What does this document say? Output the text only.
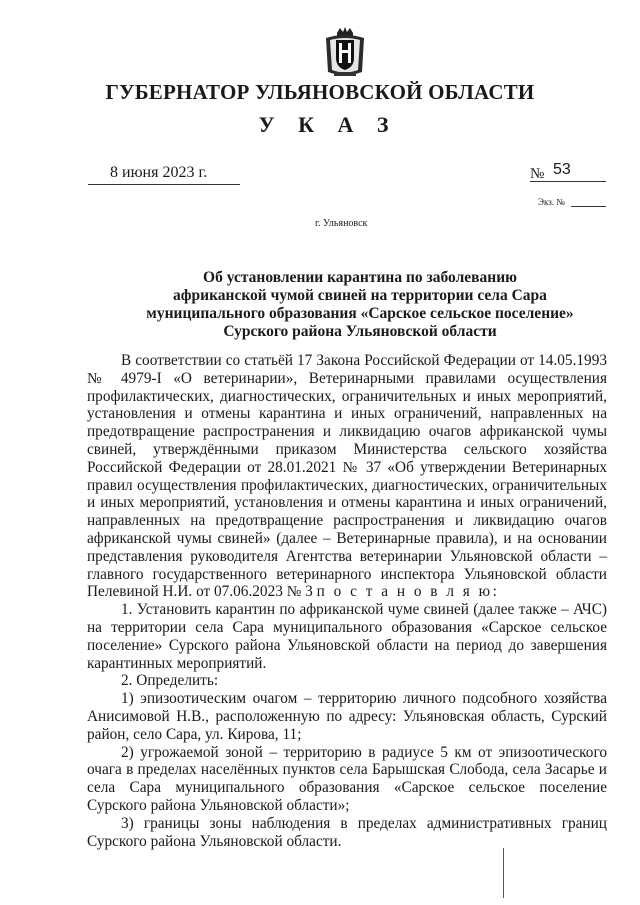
ГУБЕРНАТОР УЛЬЯНОВСКОЙ ОБЛАСТИ
У К А З
8 июня 2023 г.	№ 53
Экз. №
г. Ульяновск
Об установлении карантина по заболеванию
африканской чумой свиней на территории села Сара
муниципального образования «Сарское сельское поселение»
Сурского района Ульяновской области

В соответствии со статьёй 17 Закона Российской Федерации от 14.05.1993 № 4979-I «О ветеринарии», Ветеринарными правилами осуществления профилактических, диагностических, ограничительных и иных мероприятий, установления и отмены карантина и иных ограничений, направленных на предотвращение распространения и ликвидацию очагов африканской чумы свиней, утверждёнными приказом Министерства сельского хозяйства Российской Федерации от 28.01.2021 № 37 «Об утверждении Ветеринарных правил осуществления профилактических, диагностических, ограничительных и иных мероприятий, установления и отмены карантина и иных ограничений, направленных на предотвращение распространения и ликвидацию очагов африканской чумы свиней» (далее – Ветеринарные правила), и на основании представления руководителя Агентства ветеринарии Ульяновской области – главного государственного ветеринарного инспектора Ульяновской области Пелевиной Н.И. от 07.06.2023 № 3 п о с т а н о в л я ю:

1. Установить карантин по африканской чуме свиней (далее также – АЧС) на территории села Сара муниципального образования «Сарское сельское поселение» Сурского района Ульяновской области на период до завершения карантинных мероприятий.

2. Определить:

1) эпизоотическим очагом – территорию личного подсобного хозяйства Анисимовой Н.В., расположенную по адресу: Ульяновская область, Сурский район, село Сара, ул. Кирова, 11;

2) угрожаемой зоной – территорию в радиусе 5 км от эпизоотического очага в пределах населённых пунктов села Барышская Слобода, села Засарье и села Сара муниципального образования «Сарское сельское поселение Сурского района Ульяновской области»;

3) границы зоны наблюдения в пределах административных границ Сурского района Ульяновской области.
